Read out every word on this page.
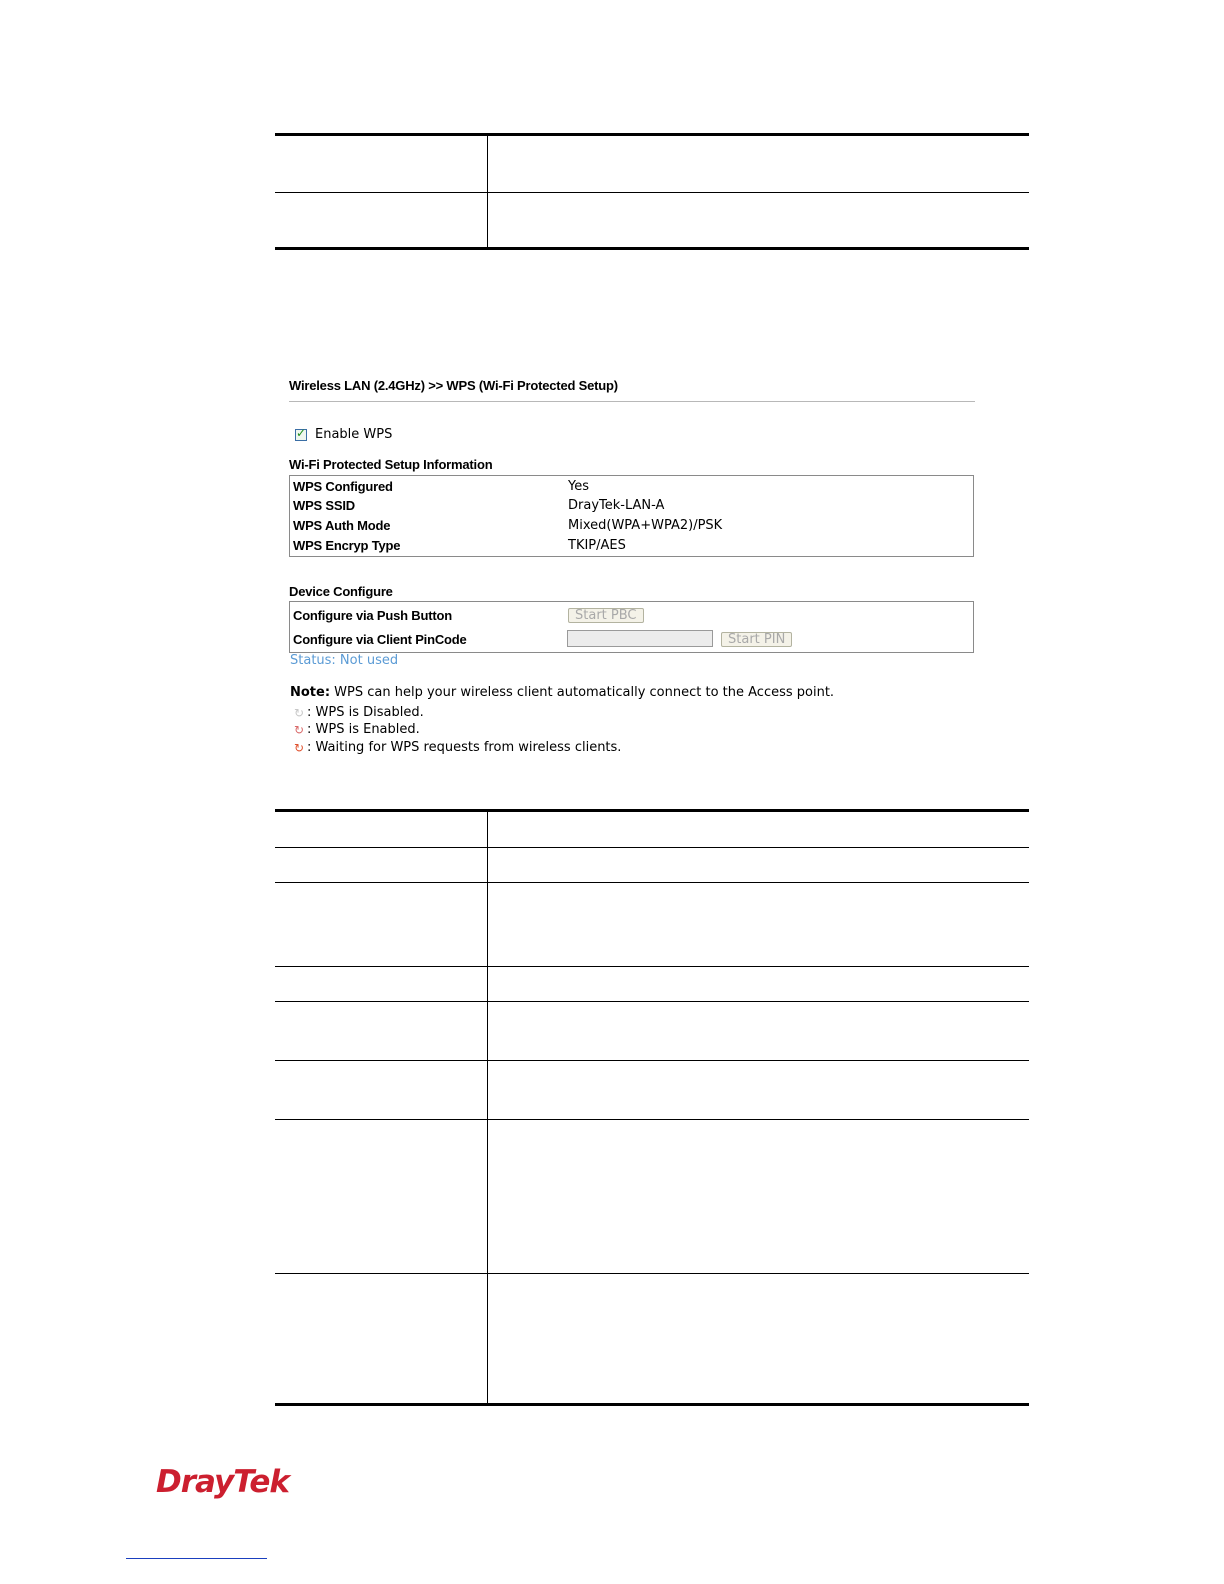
Wireless LAN (2.4GHz) >> WPS (Wi-Fi Protected Setup)
✓
Enable WPS
Wi-Fi Protected Setup Information
WPS Configured	Yes
WPS SSID	DrayTek-LAN-A
WPS Auth Mode	Mixed(WPA+WPA2)/PSK
WPS Encryp Type	TKIP/AES
Device Configure
Configure via Push Button	Start PBC
Configure via Client PinCode	Start PIN
Status: Not used
Note: WPS can help your wireless client automatically connect to the Access point.
↻ : WPS is Disabled.
↻ : WPS is Enabled.
↻ : Waiting for WPS requests from wireless clients.
DrayTek
